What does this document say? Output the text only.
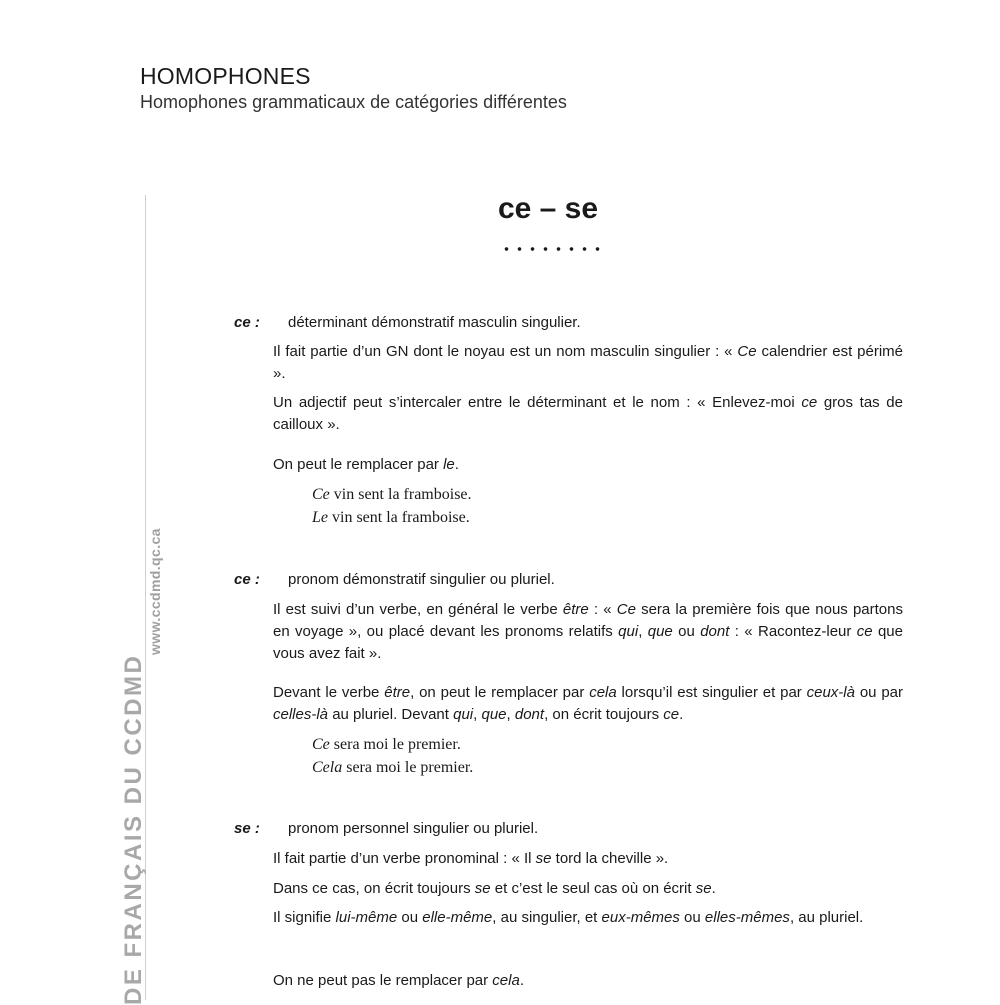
HOMOPHONES
Homophones grammaticaux de catégories différentes
www.ccdmd.qc.ca
DE FRANÇAIS DU CCDMD
ce – se
ce : déterminant démonstratif masculin singulier.
Il fait partie d’un GN dont le noyau est un nom masculin singulier : « Ce calendrier est périmé ».
Un adjectif peut s’intercaler entre le déterminant et le nom : « Enlevez-moi ce gros tas de cailloux ».
On peut le remplacer par le.
Ce vin sent la framboise.
Le vin sent la framboise.
ce : pronom démonstratif singulier ou pluriel.
Il est suivi d’un verbe, en général le verbe être : « Ce sera la première fois que nous partons en voyage », ou placé devant les pronoms relatifs qui, que ou dont : « Racontez-leur ce que vous avez fait ».
Devant le verbe être, on peut le remplacer par cela lorsqu’il est singulier et par ceux-là ou par celles-là au pluriel. Devant qui, que, dont, on écrit toujours ce.
Ce sera moi le premier.
Cela sera moi le premier.
se : pronom personnel singulier ou pluriel.
Il fait partie d’un verbe pronominal : « Il se tord la cheville ».
Dans ce cas, on écrit toujours se et c’est le seul cas où on écrit se.
Il signifie lui-même ou elle-même, au singulier, et eux-mêmes ou elles-mêmes, au pluriel.
On ne peut pas le remplacer par cela.
